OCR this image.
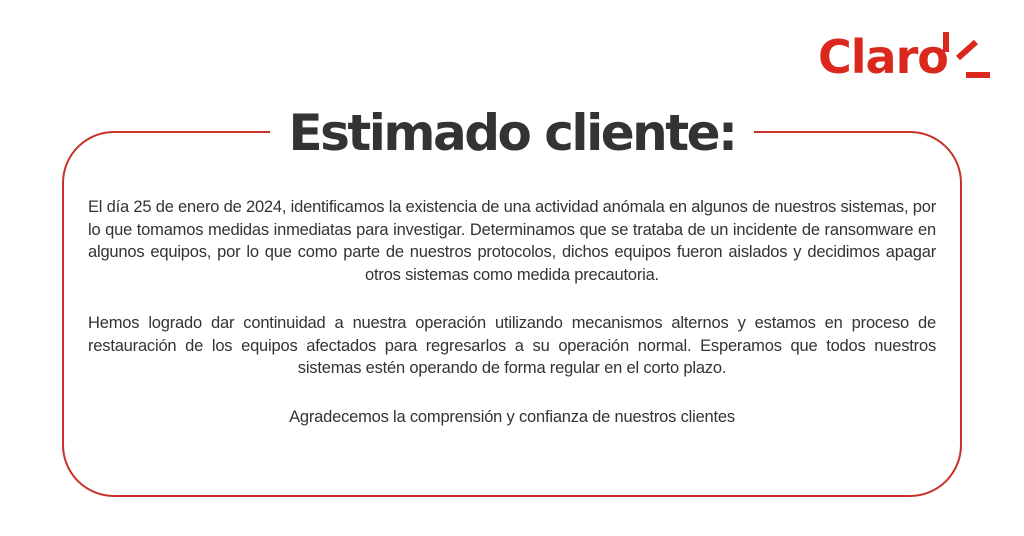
Claro
Estimado cliente:

El día 25 de enero de 2024, identificamos la existencia de una actividad anómala en algunos de nuestros sistemas, por lo que tomamos medidas inmediatas para investigar. Determinamos que se trataba de un incidente de ransomware en algunos equipos, por lo que como parte de nuestros protocolos, dichos equipos fueron aislados y decidimos apagar otros sistemas como medida precautoria.

Hemos logrado dar continuidad a nuestra operación utilizando mecanismos alternos y estamos en proceso de restauración de los equipos afectados para regresarlos a su operación normal. Esperamos que todos nuestros sistemas estén operando de forma regular en el corto plazo.

Agradecemos la comprensión y confianza de nuestros clientes
